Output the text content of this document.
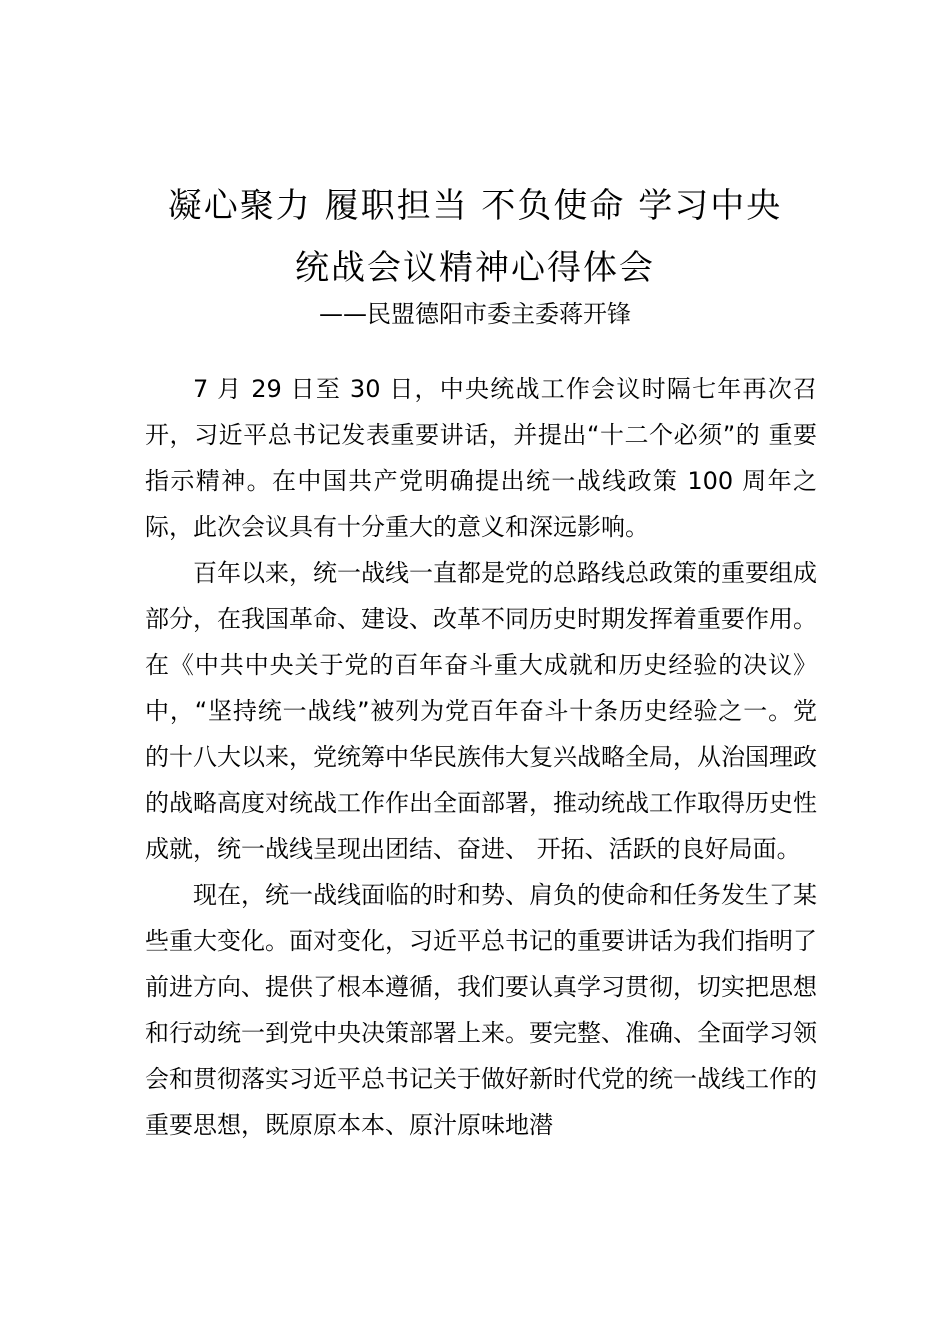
凝心聚力 履职担当 不负使命 学习中央
统战会议精神心得体会
——民盟德阳市委主委蒋开锋

7 月 29 日至 30 日，中央统战工作会议时隔七年再次召开，习近平总书记发表重要讲话，并提出“十二个必须”的 重要指示精神。在中国共产党明确提出统一战线政策 100 周年之际，此次会议具有十分重大的意义和深远影响。

百年以来，统一战线一直都是党的总路线总政策的重要组成部分，在我国革命、建设、改革不同历史时期发挥着重要作用。在《中共中央关于党的百年奋斗重大成就和历史经验的决议》中，“坚持统一战线”被列为党百年奋斗十条历史经验之一。党的十八大以来，党统筹中华民族伟大复兴战略全局，从治国理政的战略高度对统战工作作出全面部署，推动统战工作取得历史性成就，统一战线呈现出团结、奋进、 开拓、活跃的良好局面。

现在，统一战线面临的时和势、肩负的使命和任务发生了某些重大变化。面对变化，习近平总书记的重要讲话为我们指明了前进方向、提供了根本遵循，我们要认真学习贯彻，切实把思想和行动统一到党中央决策部署上来。要完整、准确、全面学习领会和贯彻落实习近平总书记关于做好新时代党的统一战线工作的重要思想，既原原本本、原汁原味地潜
